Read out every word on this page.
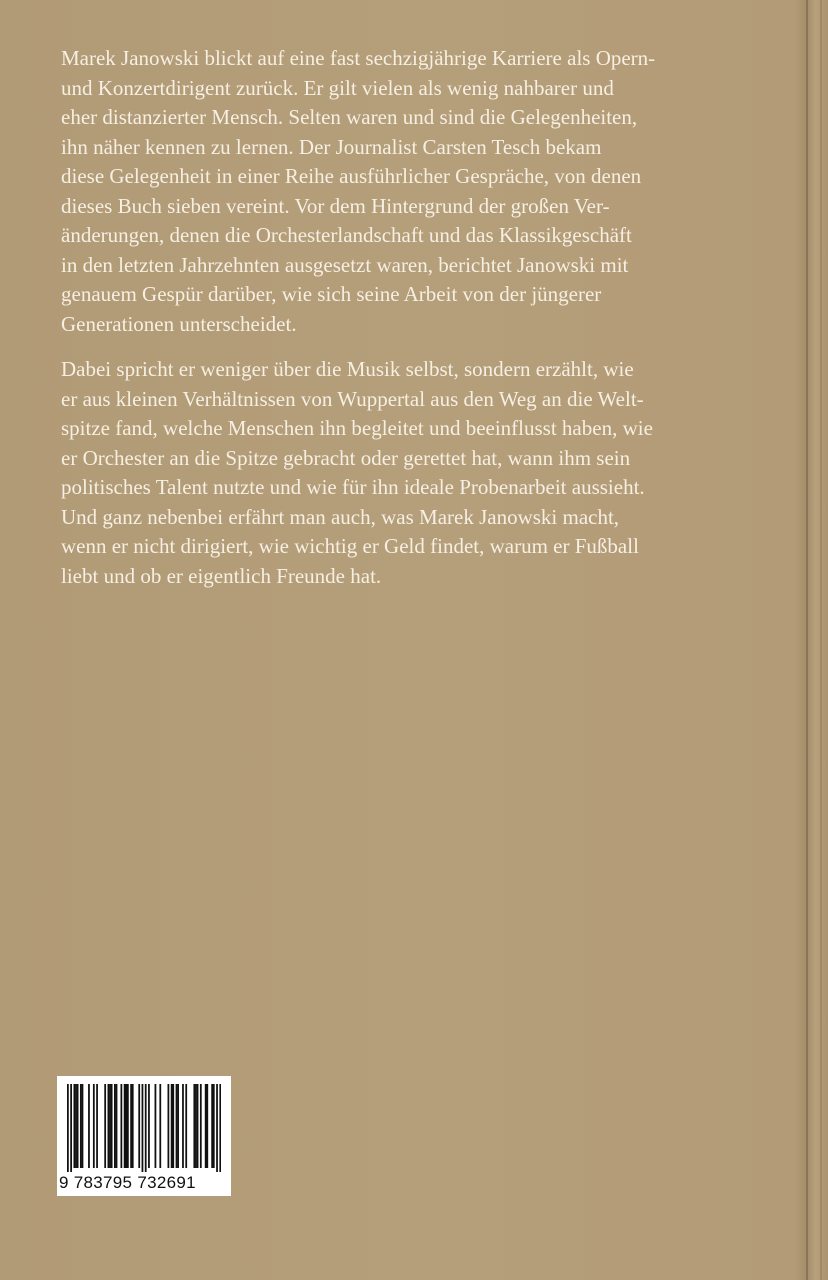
Marek Janowski blickt auf eine fast sechzigjährige Karriere als Opern-
und Konzertdirigent zurück. Er gilt vielen als wenig nahbarer und
eher distanzierter Mensch. Selten waren und sind die Gelegenheiten,
ihn näher kennen zu lernen. Der Journalist Carsten Tesch bekam
diese Gelegenheit in einer Reihe ausführlicher Gespräche, von denen
dieses Buch sieben vereint. Vor dem Hintergrund der großen Ver-
änderungen, denen die Orchesterlandschaft und das Klassikgeschäft
in den letzten Jahrzehnten ausgesetzt waren, berichtet Janowski mit
genauem Gespür darüber, wie sich seine Arbeit von der jüngerer
Generationen unterscheidet.

Dabei spricht er weniger über die Musik selbst, sondern erzählt, wie
er aus kleinen Verhältnissen von Wuppertal aus den Weg an die Welt-
spitze fand, welche Menschen ihn begleitet und beeinflusst haben, wie
er Orchester an die Spitze gebracht oder gerettet hat, wann ihm sein
politisches Talent nutzte und wie für ihn ideale Probenarbeit aussieht.
Und ganz nebenbei erfährt man auch, was Marek Janowski macht,
wenn er nicht dirigiert, wie wichtig er Geld findet, warum er Fußball
liebt und ob er eigentlich Freunde hat.

9 783795 732691
